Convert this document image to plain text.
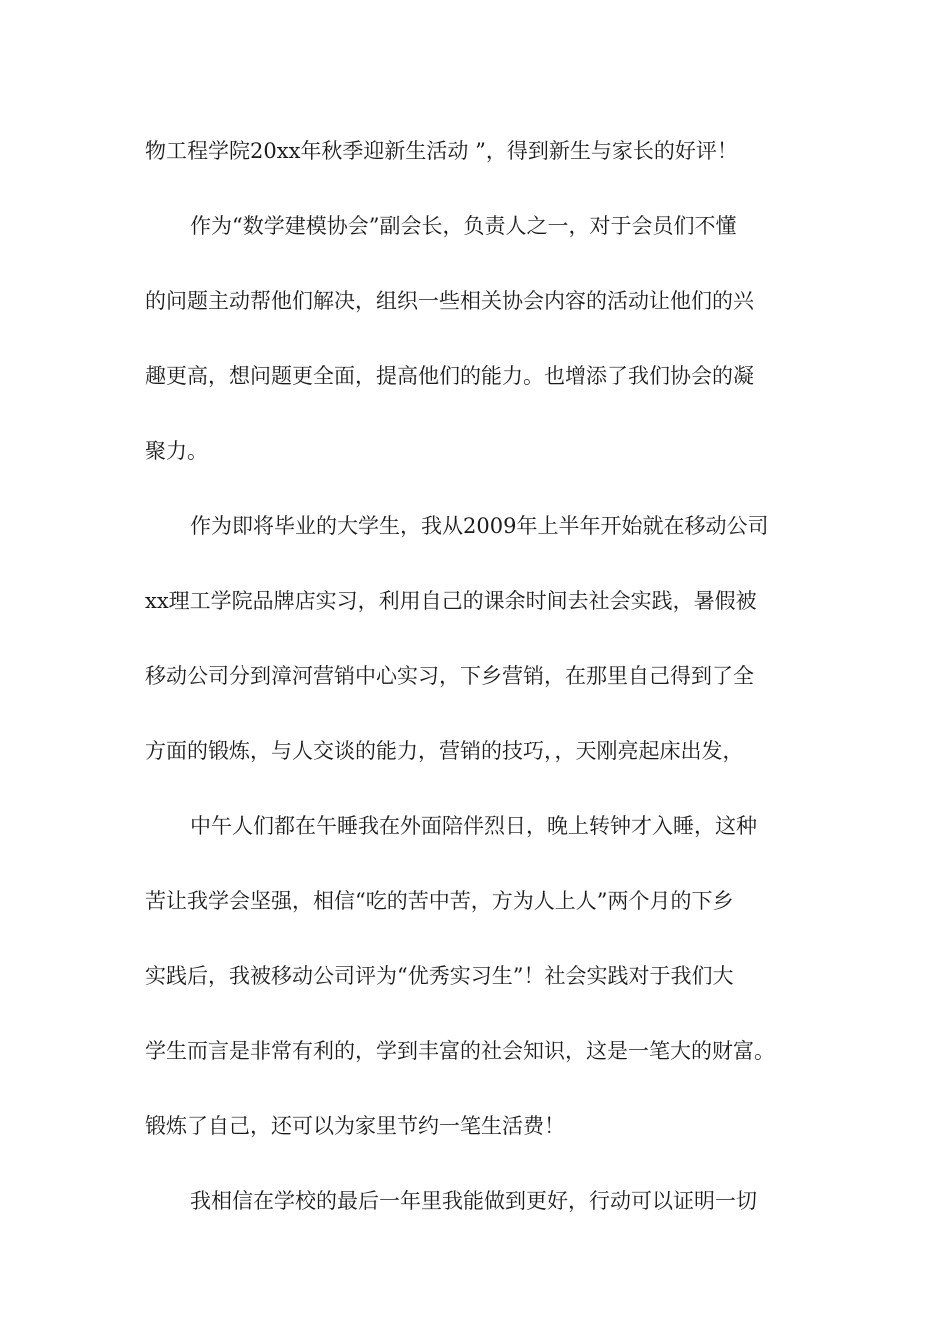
物工程学院20xx年秋季迎新生活动 ”，得到新生与家长的好评！
作为“数学建模协会”副会长，负责人之一，对于会员们不懂
的问题主动帮他们解决，组织一些相关协会内容的活动让他们的兴
趣更高，想问题更全面，提高他们的能力。也增添了我们协会的凝
聚力。
作为即将毕业的大学生，我从2009年上半年开始就在移动公司
xx理工学院品牌店实习，利用自己的课余时间去社会实践，暑假被
移动公司分到漳河营销中心实习，下乡营销，在那里自己得到了全
方面的锻炼，与人交谈的能力，营销的技巧，，天刚亮起床出发，
中午人们都在午睡我在外面陪伴烈日，晚上转钟才入睡，这种
苦让我学会坚强，相信“吃的苦中苦，方为人上人”两个月的下乡
实践后，我被移动公司评为“优秀实习生”！社会实践对于我们大
学生而言是非常有利的，学到丰富的社会知识，这是一笔大的财富。
锻炼了自己，还可以为家里节约一笔生活费！
我相信在学校的最后一年里我能做到更好，行动可以证明一切
